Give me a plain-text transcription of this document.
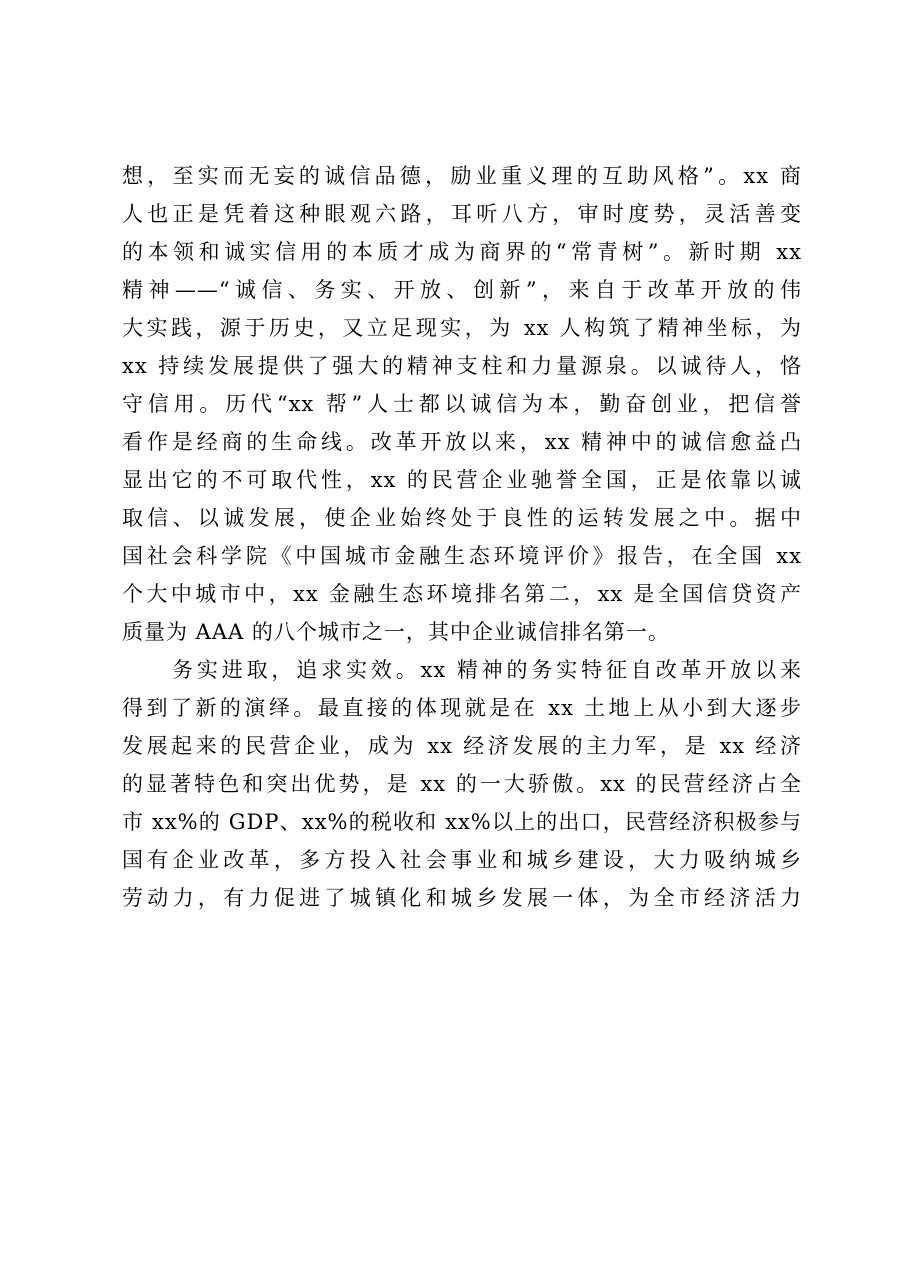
想，至实而无妄的诚信品德，励业重义理的互助风格”。xx 商
人也正是凭着这种眼观六路，耳听八方，审时度势，灵活善变
的本领和诚实信用的本质才成为商界的“常青树”。新时期 xx
精神——“诚信、务实、开放、创新”，来自于改革开放的伟
大实践，源于历史，又立足现实，为 xx 人构筑了精神坐标，为
xx 持续发展提供了强大的精神支柱和力量源泉。以诚待人，恪
守信用。历代“xx 帮”人士都以诚信为本，勤奋创业，把信誉
看作是经商的生命线。改革开放以来，xx 精神中的诚信愈益凸
显出它的不可取代性，xx 的民营企业驰誉全国，正是依靠以诚
取信、以诚发展，使企业始终处于良性的运转发展之中。据中
国社会科学院《中国城市金融生态环境评价》报告，在全国 xx
个大中城市中，xx 金融生态环境排名第二，xx 是全国信贷资产
质量为 AAA 的八个城市之一，其中企业诚信排名第一。
务实进取，追求实效。xx 精神的务实特征自改革开放以来
得到了新的演绎。最直接的体现就是在 xx 土地上从小到大逐步
发展起来的民营企业，成为 xx 经济发展的主力军，是 xx 经济
的显著特色和突出优势，是 xx 的一大骄傲。xx 的民营经济占全
市 xx%的 GDP、xx%的税收和 xx%以上的出口，民营经济积极参与
国有企业改革，多方投入社会事业和城乡建设，大力吸纳城乡
劳动力，有力促进了城镇化和城乡发展一体，为全市经济活力
